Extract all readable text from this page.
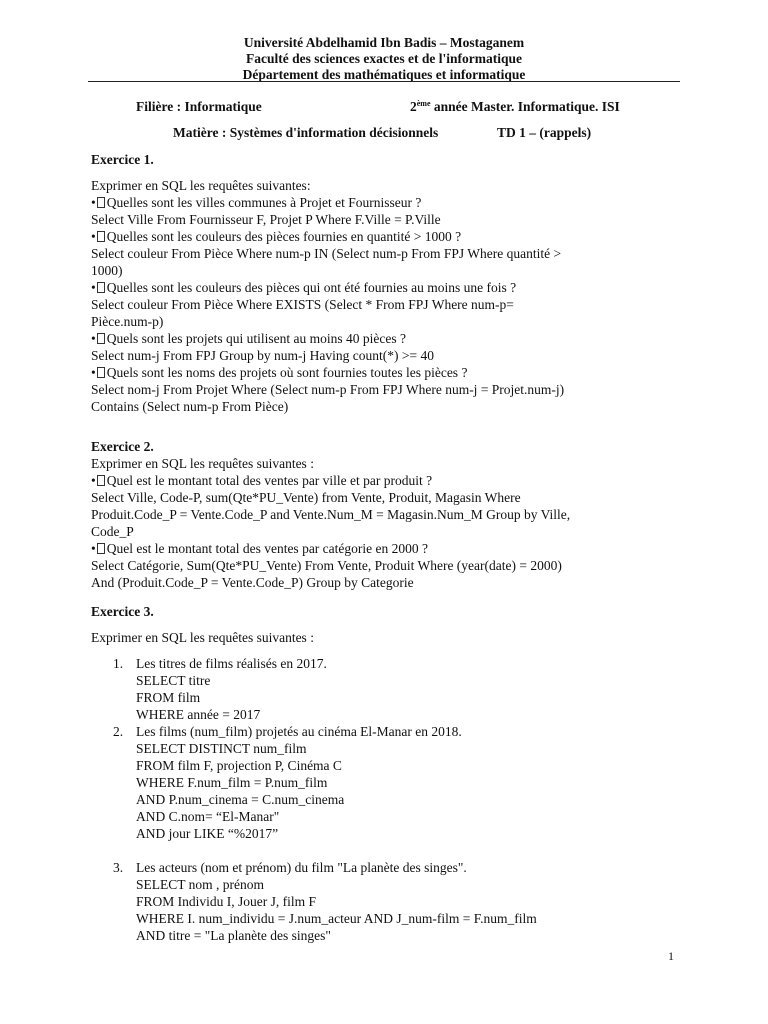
Université Abdelhamid Ibn Badis – Mostaganem
Faculté des sciences exactes et de l'informatique
Département des mathématiques et informatique
Filière : Informatique	2ème année Master. Informatique. ISI
Matière : Systèmes d'information décisionnels	TD 1 – (rappels)

Exercice 1.

Exprimer en SQL les requêtes suivantes:

• Quelles sont les villes communes à Projet et Fournisseur ?

Select Ville From Fournisseur F, Projet P Where F.Ville = P.Ville

• Quelles sont les couleurs des pièces fournies en quantité > 1000 ?

Select couleur From Pièce Where num-p IN (Select num-p From FPJ Where quantité >

1000)

• Quelles sont les couleurs des pièces qui ont été fournies au moins une fois ?

Select couleur From Pièce Where EXISTS (Select * From FPJ Where num-p=

Pièce.num-p)

• Quels sont les projets qui utilisent au moins 40 pièces ?

Select num-j From FPJ Group by num-j Having count(*) >= 40

• Quels sont les noms des projets où sont fournies toutes les pièces ?

Select nom-j From Projet Where (Select num-p From FPJ Where num-j = Projet.num-j)

Contains (Select num-p From Pièce)

Exercice 2.

Exprimer en SQL les requêtes suivantes :

• Quel est le montant total des ventes par ville et par produit ?

Select Ville, Code-P, sum(Qte*PU_Vente) from Vente, Produit, Magasin Where

Produit.Code_P = Vente.Code_P and Vente.Num_M = Magasin.Num_M Group by Ville,

Code_P

• Quel est le montant total des ventes par catégorie en 2000 ?

Select Catégorie, Sum(Qte*PU_Vente) From Vente, Produit Where (year(date) = 2000)

And (Produit.Code_P = Vente.Code_P) Group by Categorie

Exercice 3.

Exprimer en SQL les requêtes suivantes :

1. Les titres de films réalisés en 2017.

SELECT titre

FROM film

WHERE année = 2017

2. Les films (num_film) projetés au cinéma El-Manar en 2018.

SELECT DISTINCT num_film

FROM film F, projection P, Cinéma C

WHERE F.num_film = P.num_film

AND P.num_cinema = C.num_cinema

AND C.nom= “El-Manar"

AND jour LIKE “%2017”

3. Les acteurs (nom et prénom) du film "La planète des singes".

SELECT nom , prénom

FROM Individu I, Jouer J, film F

WHERE I. num_individu = J.num_acteur AND J_num-film = F.num_film

AND titre = "La planète des singes"

1
